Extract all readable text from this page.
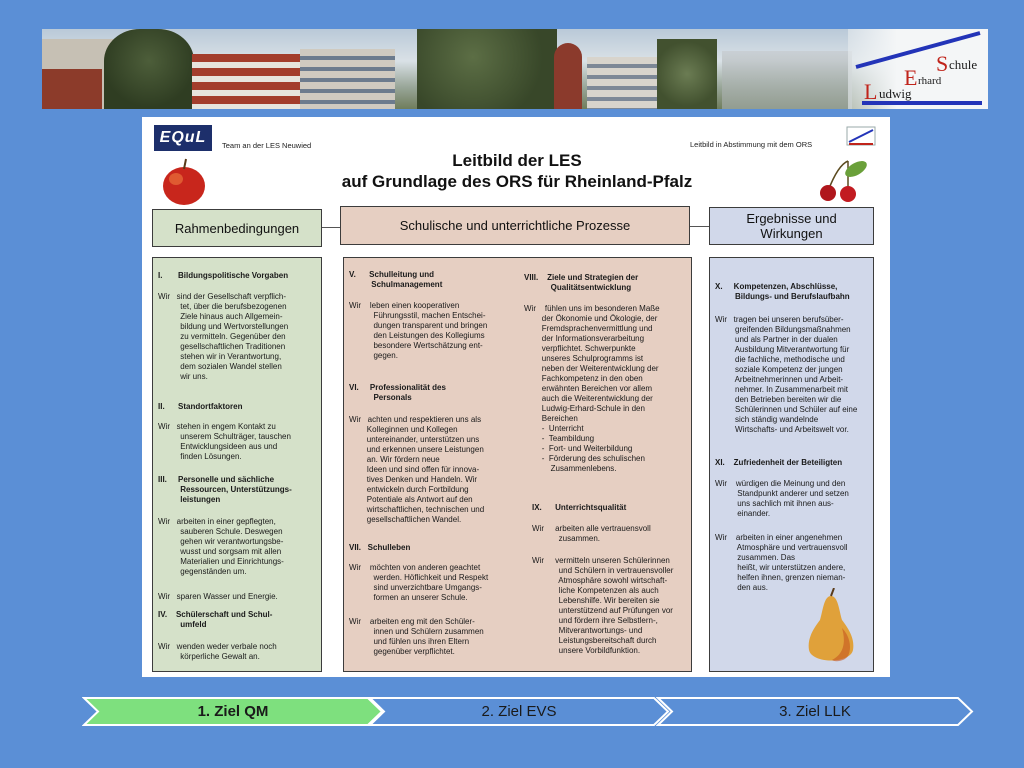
S chule
E rhard
L udwig
EQuL	Team an der LES Neuwied	Leitbild in Abstimmung mit dem ORS
Leitbild der LES
auf Grundlage des ORS für Rheinland-Pfalz
Rahmenbedingungen	Schulische und unterrichtliche Prozesse	Ergebnisse und
Wirkungen
I.       Bildungspolitische Vorgaben
Wir   sind der Gesellschaft verpflich-
tet, über die berufsbezogenen
Ziele hinaus auch Allgemein-
bildung und Wertvorstellungen
zu vermitteln. Gegenüber den
gesellschaftlichen Traditionen
stehen wir in Verantwortung,
dem sozialen Wandel stellen
wir uns.
II.      Standortfaktoren
Wir   stehen in engem Kontakt zu
unserem Schulträger, tauschen
Entwicklungsideen aus und
finden Lösungen.
III.     Personelle und sächliche
Ressourcen, Unterstützungs-
leistungen
Wir   arbeiten in einer gepflegten,
sauberen Schule. Deswegen
gehen wir verantwortungsbe-
wusst und sorgsam mit allen
Materialien und Einrichtungs-
gegenständen um.
Wir   sparen Wasser und Energie.
IV.    Schülerschaft und Schul-
umfeld
Wir   wenden weder verbale noch
körperliche Gewalt an.
V.      Schulleitung und
Schulmanagement
Wir    leben einen kooperativen
Führungsstil, machen Entschei-
dungen transparent und bringen
den Leistungen des Kollegiums
besondere Wertschätzung ent-
gegen.
VI.     Professionalität des
Personals
Wir   achten und respektieren uns als
Kolleginnen und Kollegen
untereinander, unterstützen uns
und erkennen unsere Leistungen
an. Wir fördern neue
Ideen und sind offen für innova-
tives Denken und Handeln. Wir
entwickeln durch Fortbildung
Potentiale als Antwort auf den
wirtschaftlichen, technischen und
gesellschaftlichen Wandel.
VII.   Schulleben
Wir    möchten von anderen geachtet
werden. Höflichkeit und Respekt
sind unverzichtbare Umgangs-
formen an unserer Schule.
Wir    arbeiten eng mit den Schüler-
innen und Schülern zusammen
und fühlen uns ihren Eltern
gegenüber verpflichtet.
VIII.    Ziele und Strategien der
Qualitätsentwicklung
Wir    fühlen uns im besonderen Maße
der Ökonomie und Ökologie, der
Fremdsprachenvermittlung und
der Informationsverarbeitung
verpflichtet. Schwerpunkte
unseres Schulprogramms ist
neben der Weiterentwicklung der
Fachkompetenz in den oben
erwähnten Bereichen vor allem
auch die Weiterentwicklung der
Ludwig-Erhard-Schule in den
Bereichen
-  Unterricht
-  Teambildung
-  Fort- und Weiterbildung
-  Förderung des schulischen
Zusammenlebens.
IX.      Unterrichtsqualität
Wir     arbeiten alle vertrauensvoll
zusammen.
Wir     vermitteln unseren Schülerinnen
und Schülern in vertrauensvoller
Atmosphäre sowohl wirtschaft-
liche Kompetenzen als auch
Lebenshilfe. Wir bereiten sie
unterstützend auf Prüfungen vor
und fördern ihre Selbstlern-,
Mitverantwortungs- und
Leistungsbereitschaft durch
unsere Vorbildfunktion.
X.     Kompetenzen, Abschlüsse,
Bildungs- und Berufslaufbahn
Wir   tragen bei unseren berufsüber-
greifenden Bildungsmaßnahmen
und als Partner in der dualen
Ausbildung Mitverantwortung für
die fachliche, methodische und
soziale Kompetenz der jungen
Arbeitnehmerinnen und Arbeit-
nehmer. In Zusammenarbeit mit
den Betrieben bereiten wir die
Schülerinnen und Schüler auf eine
sich ständig wandelnde
Wirtschafts- und Arbeitswelt vor.
XI.    Zufriedenheit der Beteiligten
Wir    würdigen die Meinung und den
Standpunkt anderer und setzen
uns sachlich mit ihnen aus-
einander.
Wir    arbeiten in einer angenehmen
Atmosphäre und vertrauensvoll
zusammen. Das
heißt, wir unterstützen andere,
helfen ihnen, grenzen nieman-
den aus.
1. Ziel QM	2. Ziel EVS	3. Ziel LLK
